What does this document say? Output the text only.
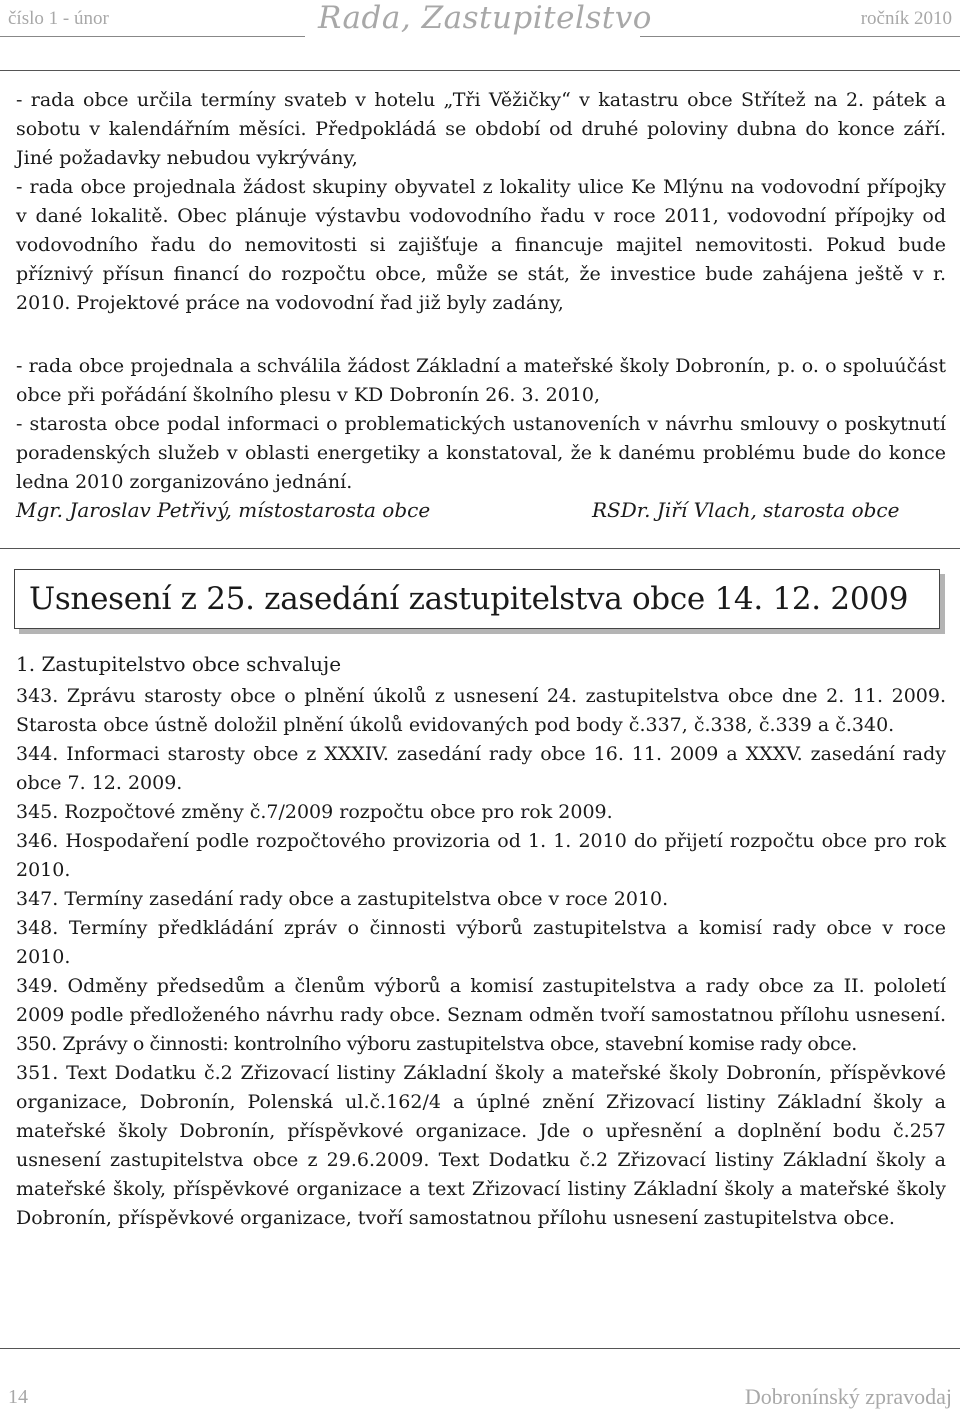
číslo 1 - únor	Rada, Zastupitelstvo	ročník 2010

- rada obce určila termíny svateb v hotelu „Tři Věžičky“ v katastru obce Střítež na 2. pátek a sobotu v kalendářním měsíci. Předpokládá se období od druhé poloviny dubna do konce září. Jiné požadavky nebudou vykrývány,

- rada obce projednala žádost skupiny obyvatel z lokality ulice Ke Mlýnu na vodovodní přípojky v dané lokalitě. Obec plánuje výstavbu vodovodního řadu v roce 2011, vodovodní přípojky od vodovodního řadu do nemovitosti si zajišťuje a financuje majitel nemovitosti. Pokud bude příznivý přísun financí do rozpočtu obce, může se stát, že investice bude zahájena ještě v r. 2010. Projektové práce na vodovodní řad již byly zadány,

- rada obce projednala a schválila žádost Základní a mateřské školy Dobronín, p. o. o spoluúčást obce při pořádání školního plesu v KD Dobronín 26. 3. 2010,

- starosta obce podal informaci o problematických ustanoveních v návrhu smlouvy o poskytnutí poradenských služeb v oblasti energetiky a konstatoval, že k danému problému bude do konce ledna 2010 zorganizováno jednání.

Mgr. Jaroslav Petřivý, místostarosta obce	RSDr. Jiří Vlach, starosta obce
Usnesení z 25. zasedání zastupitelstva obce 14. 12. 2009
1. Zastupitelstvo obce schvaluje
343. Zprávu starosty obce o plnění úkolů z usnesení 24. zastupitelstva obce dne 2. 11. 2009. Starosta obce ústně doložil plnění úkolů evidovaných pod body č.337, č.338, č.339 a č.340.
344. Informaci starosty obce z XXXIV. zasedání rady obce 16. 11. 2009 a XXXV. zasedání rady obce 7. 12. 2009.
345. Rozpočtové změny č.7/2009 rozpočtu obce pro rok 2009.
346. Hospodaření podle rozpočtového provizoria od 1. 1. 2010 do přijetí rozpočtu obce pro rok 2010.
347. Termíny zasedání rady obce a zastupitelstva obce v roce 2010.
348. Termíny předkládání zpráv o činnosti výborů zastupitelstva a komisí rady obce v roce 2010.
349. Odměny předsedům a členům výborů a komisí zastupitelstva a rady obce za II. pololetí 2009 podle předloženého návrhu rady obce. Seznam odměn tvoří samostatnou přílohu usnesení.
350. Zprávy o činnosti: kontrolního výboru zastupitelstva obce, stavební komise rady obce.
351. Text Dodatku č.2 Zřizovací listiny Základní školy a mateřské školy Dobronín, příspěvkové organizace, Dobronín, Polenská ul.č.162/4 a úplné znění Zřizovací listiny Základní školy a mateřské školy Dobronín, příspěvkové organizace. Jde o upřesnění a doplnění bodu č.257 usnesení zastupitelstva obce z 29.6.2009. Text Dodatku č.2 Zřizovací listiny Základní školy a mateřské školy, příspěvkové organizace a text Zřizovací listiny Základní školy a mateřské školy Dobronín, příspěvkové organizace, tvoří samostatnou přílohu usnesení zastupitelstva obce.
14	Dobronínský zpravodaj
